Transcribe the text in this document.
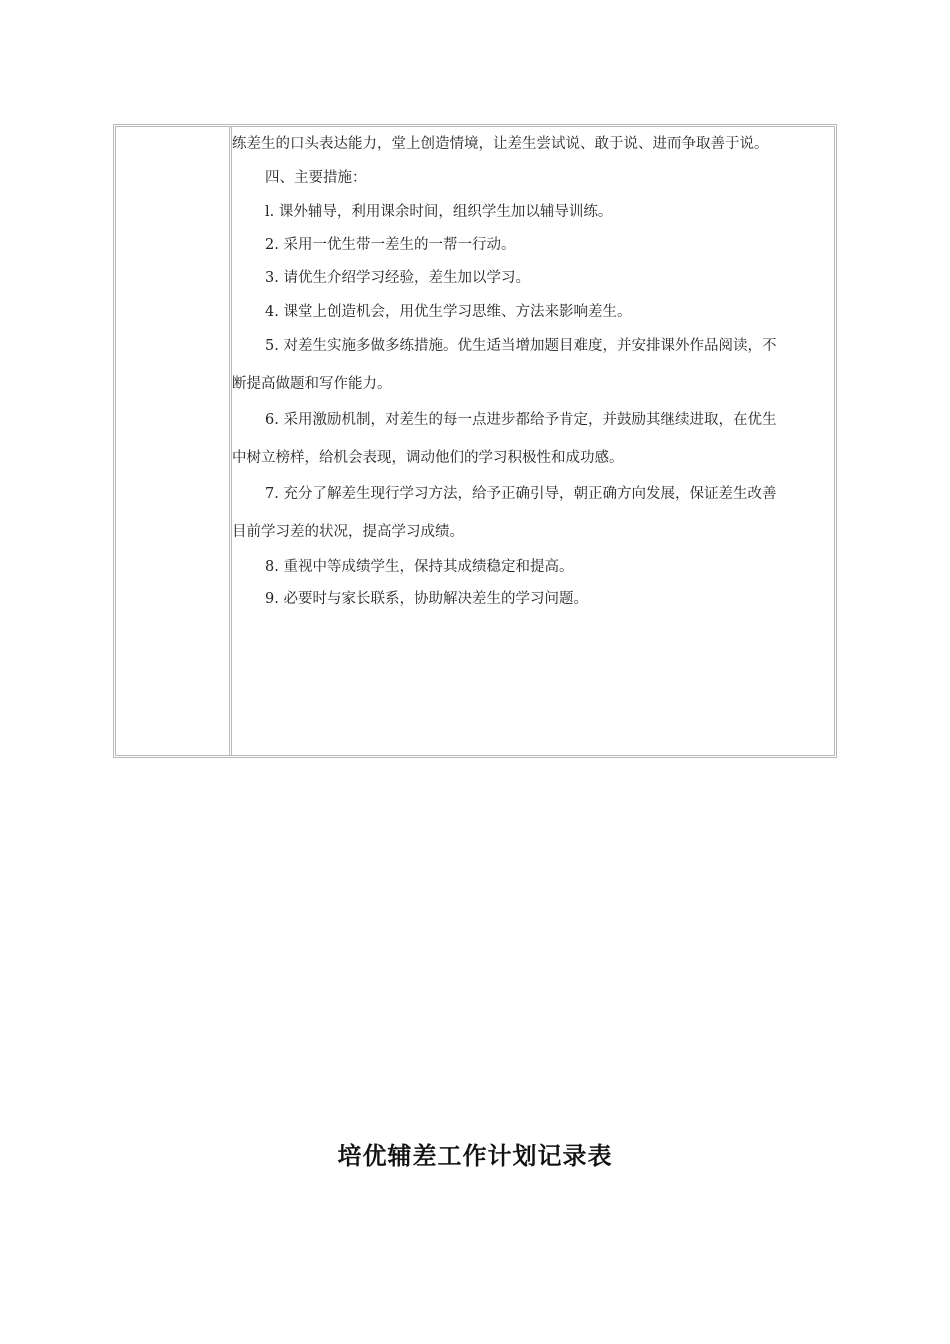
练差生的口头表达能力，堂上创造情境，让差生尝试说、敢于说、进而争取善于说。

四、主要措施：

l. 课外辅导，利用课余时间，组织学生加以辅导训练。

2. 采用一优生带一差生的一帮一行动。

3. 请优生介绍学习经验，差生加以学习。

4. 课堂上创造机会，用优生学习思维、方法来影响差生。

5. 对差生实施多做多练措施。优生适当增加题目难度，并安排课外作品阅读，不

断提高做题和写作能力。

6. 采用激励机制，对差生的每一点进步都给予肯定，并鼓励其继续进取，在优生

中树立榜样，给机会表现，调动他们的学习积极性和成功感。

7. 充分了解差生现行学习方法，给予正确引导，朝正确方向发展，保证差生改善

目前学习差的状况，提高学习成绩。

8. 重视中等成绩学生，保持其成绩稳定和提高。

9. 必要时与家长联系，协助解决差生的学习问题。

培优辅差工作计划记录表
